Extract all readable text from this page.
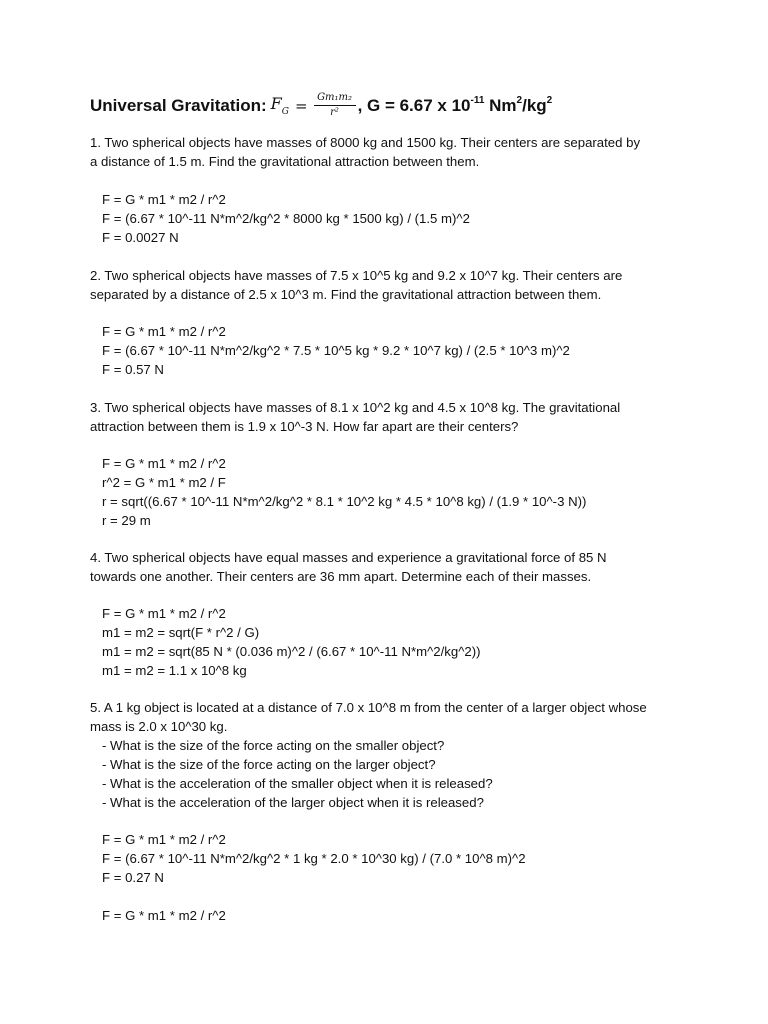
Universal Gravitation: $F_G = \frac{\text{Gm₁m₂}}{\text{r²}}$ , G = 6.67 x $10^{-11}$ $Nm^2/kg^2$
1. Two spherical objects have masses of 8000 kg and 1500 kg. Their centers are separated by
a distance of 1.5 m. Find the gravitational attraction between them.
F = G * m1 * m2 / r^2
F = (6.67 * 10^-11 N*m^2/kg^2 * 8000 kg * 1500 kg) / (1.5 m)^2
F = 0.0027 N
2. Two spherical objects have masses of 7.5 x 10^5 kg and 9.2 x 10^7 kg. Their centers are
separated by a distance of 2.5 x 10^3 m. Find the gravitational attraction between them.
F = G * m1 * m2 / r^2
F = (6.67 * 10^-11 N*m^2/kg^2 * 7.5 * 10^5 kg * 9.2 * 10^7 kg) / (2.5 * 10^3 m)^2
F = 0.57 N
3. Two spherical objects have masses of 8.1 x 10^2 kg and 4.5 x 10^8 kg. The gravitational
attraction between them is 1.9 x 10^-3 N. How far apart are their centers?
F = G * m1 * m2 / r^2
r^2 = G * m1 * m2 / F
r = sqrt((6.67 * 10^-11 N*m^2/kg^2 * 8.1 * 10^2 kg * 4.5 * 10^8 kg) / (1.9 * 10^-3 N))
r = 29 m
4. Two spherical objects have equal masses and experience a gravitational force of 85 N
towards one another. Their centers are 36 mm apart. Determine each of their masses.
F = G * m1 * m2 / r^2
m1 = m2 = sqrt(F * r^2 / G)
m1 = m2 = sqrt(85 N * (0.036 m)^2 / (6.67 * 10^-11 N*m^2/kg^2))
m1 = m2 = 1.1 x 10^8 kg
5. A 1 kg object is located at a distance of 7.0 x 10^8 m from the center of a larger object whose
mass is 2.0 x 10^30 kg.
- What is the size of the force acting on the smaller object?
- What is the size of the force acting on the larger object?
- What is the acceleration of the smaller object when it is released?
- What is the acceleration of the larger object when it is released?
F = G * m1 * m2 / r^2
F = (6.67 * 10^-11 N*m^2/kg^2 * 1 kg * 2.0 * 10^30 kg) / (7.0 * 10^8 m)^2
F = 0.27 N
F = G * m1 * m2 / r^2
